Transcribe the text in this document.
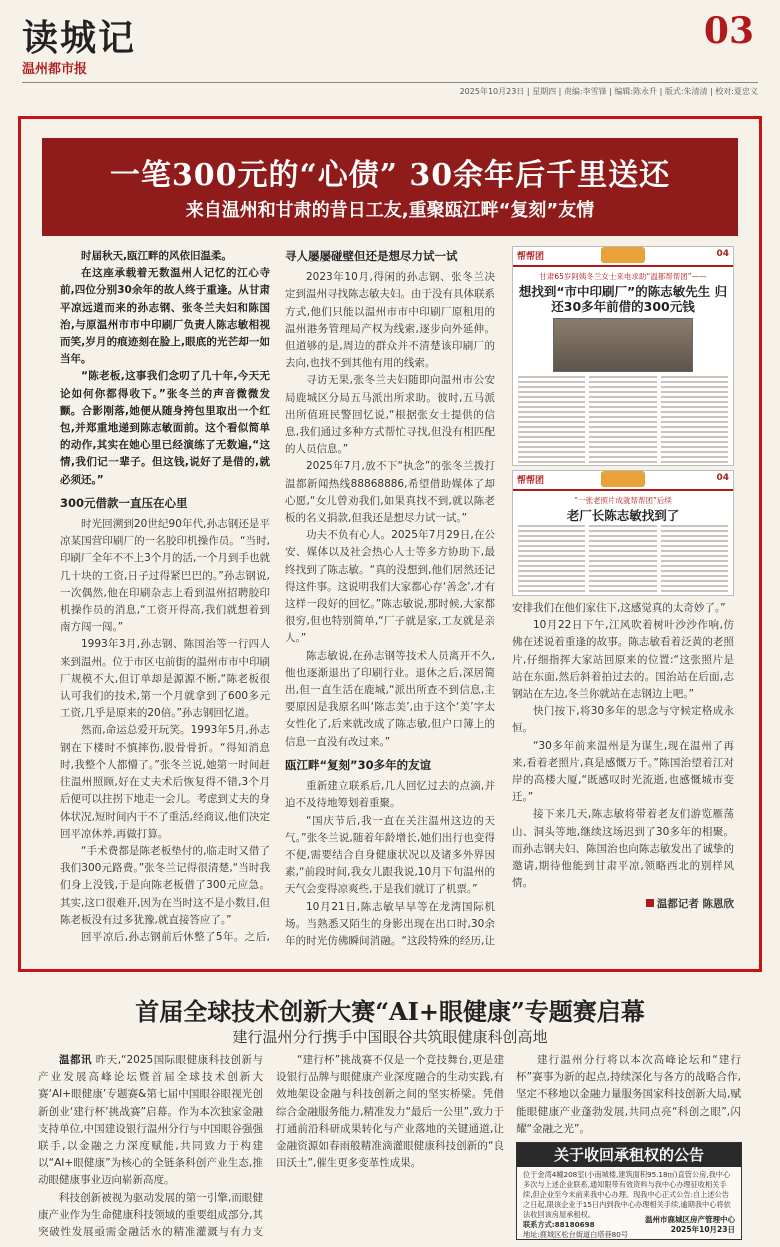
读城记
温州都市报
03
2025年10月23日 | 星期四 | 责编:李雪锋 | 编辑:陈永升 | 版式:朱清清 | 校对:夏忠义
一笔300元的“心债” 30余年后千里送还
来自温州和甘肃的昔日工友,重聚瓯江畔“复刻”友情

时届秋天,瓯江畔的风依旧温柔。

在这座承载着无数温州人记忆的江心寺前,四位分别30余年的故人终于重逢。从甘肃平凉远道而来的孙志钢、张冬兰夫妇和陈国治,与原温州市市中印刷厂负责人陈志敏相视而笑,岁月的痕迹刻在脸上,眼底的光芒却一如当年。

“陈老板,这事我们念叨了几十年,今天无论如何你都得收下。”张冬兰的声音微微发颤。合影刚落,她便从随身挎包里取出一个红包,并郑重地递到陈志敏面前。这个看似简单的动作,其实在她心里已经演练了无数遍,“这情,我们记一辈子。但这钱,说好了是借的,就必须还。”

300元借款一直压在心里

时光回溯到20世纪90年代,孙志钢还是平凉某国营印刷厂的一名胶印机操作员。“当时,印刷厂全年不不上3个月的活,一个月到手也就几十块的工资,日子过得紧巴巴的。”孙志钢说,一次偶然,他在印刷杂志上看到温州招聘胶印机操作员的消息,“工资开得高,我们就想着到南方闯一闯。”

1993年3月,孙志钢、陈国治等一行四人来到温州。位于市区屯前街的温州市市中印刷厂规模不大,但订单却是源源不断,“陈老板很认可我们的技术,第一个月就拿到了600多元工资,几乎是原来的20倍。”孙志钢回忆道。

然而,命运总爱开玩笑。1993年5月,孙志钢在下楼时不慎摔伤,股骨骨折。“得知消息时,我整个人都懵了。”张冬兰说,她第一时间赶往温州照顾,好在丈夫术后恢复得不错,3个月后便可以拄拐下地走一会儿。考虑到丈夫的身体状况,短时间内干不了重活,经商议,他们决定回平凉休养,再做打算。

“手术费都是陈老板垫付的,临走时又借了我们300元路费。”张冬兰记得很清楚,“当时我们身上没钱,于是向陈老板借了300元应急。其实,这口很难开,因为在当时这不是小数目,但陈老板没有过多犹豫,就直接答应了。”

回平凉后,孙志钢前后休整了5年。之后,

寻人屡屡碰壁但还是想尽力试一试

2023年10月,得闲的孙志钢、张冬兰决定到温州寻找陈志敏夫妇。由于没有具体联系方式,他们只能以温州市市中印刷厂原租用的温州港务管理局产权为线索,逐步向外延伸。但道够的是,周边的群众并不清楚该印刷厂的去向,也找不到其他有用的线索。

寻访无果,张冬兰夫妇随即向温州市公安局鹿城区分局五马派出所求助。彼时,五马派出所值班民警回忆说,“根据张女士提供的信息,我们通过多种方式帮忙寻找,但没有相匹配的人员信息。”

2025年7月,放不下“执念”的张冬兰拨打温都新闻热线88868886,希望借助媒体了却心愿,“女儿曾劝我们,如果真找不到,就以陈老板的名义捐款,但我还是想尽力试一试。”

功夫不负有心人。2025年7月29日,在公安、媒体以及社会热心人士等多方协助下,最终找到了陈志敏。“真的没想到,他们居然还记得这件事。这说明我们大家都心存‘善念’,才有这样一段好的回忆。”陈志敏说,那时候,大家都很穷,但也特别简单,“厂子就是家,工友就是亲人。”

陈志敏说,在孙志钢等技术人员离开不久,他也逐渐退出了印刷行业。退休之后,深居简出,但一直生活在鹿城,“派出所查不到信息,主要原因是我原名叫‘陈志美’,由于这个‘美’字太女性化了,后来就改成了陈志敏,但户口簿上的信息一直没有改过来。”

瓯江畔“复刻”30多年的友谊

重新建立联系后,几人回忆过去的点滴,并迫不及待地筹划着重聚。

“国庆节后,我一直在关注温州这边的天气。”张冬兰说,随着年龄增长,她们出行也变得不便,需要结合自身健康状况以及诸多外界因素,“前段时间,我女儿跟我说,10月下旬温州的天气会变得凉爽些,于是我们就订了机票。”

10月21日,陈志敏早早等在龙湾国际机场。当熟悉又陌生的身影出现在出口时,30余年的时光仿佛瞬间消融。“这段特殊的经历,让

帮帮团	04
甘肃65岁阿姨冬兰女士来电求助“温都帮帮团”——
想找到“市中印刷厂”的陈志敏先生 归还30多年前借的300元钱
帮帮团	04
“一张老照片成就帮帮团”后续
老厂长陈志敏找到了

安排我们在他们家住下,这感觉真的太奇妙了。”

10月22日下午,江风吹着树叶沙沙作响,仿佛在述说着重逢的故事。陈志敏看着泛黄的老照片,仔细指挥大家站回原来的位置:“这张照片是站在东面,然后斜着拍过去的。国治站在后面,志钢站在左边,冬兰你就站在志钢边上吧。”

快门按下,将30多年的思念与守候定格成永恒。

“30多年前来温州是为谋生,现在温州了再来,看着老照片,真是感慨万千。”陈国治望着江对岸的高楼大厦,“既感叹时光流逝,也感慨城市变迁。”

接下来几天,陈志敏将带着老友们游览雁荡山、洞头等地,继续这场迟到了30多年的相聚。而孙志钢夫妇、陈国治也向陈志敏发出了诚挚的邀请,期待他能到甘肃平凉,领略西北的别样风情。

温都记者 陈恩欣
首届全球技术创新大赛“AI+眼健康”专题赛启幕
建行温州分行携手中国眼谷共筑眼健康科创高地

温都讯 昨天,“2025国际眼健康科技创新与产业发展高峰论坛暨首届全球技术创新大赛‘AI+眼健康’专题赛&第七届中国眼谷眼视光创新创业‘建行杯’挑战赛”启幕。作为本次独家金融支持单位,中国建设银行温州分行与中国眼谷强强联手,以金融之力深度赋能,共同致力于构建以“AI+眼健康”为核心的全链条科创产业生态,推动眼健康事业迈向崭新高度。

科技创新被视为驱动发展的第一引擎,而眼健康产业作为生命健康科技领域的重要组成部分,其突破性发展亟需金融活水的精准灌溉与有力支

“建行杯”挑战赛不仅是一个竞技舞台,更是建设银行品牌与眼健康产业深度融合的生动实践,有效地架设金融与科技创新之间的坚实桥梁。凭借综合金融服务能力,精准发力“最后一公里”,致力于打通前沿科研成果转化与产业落地的关键通道,让金融资源如春雨般精准滴灌眼健康科技创新的“良田沃土”,催生更多变革性成果。

建行温州分行将以本次高峰论坛和“建行杯”赛事为新的起点,持续深化与各方的战略合作,坚定不移地以金融力量服务国家科技创新大局,赋能眼健康产业蓬勃发展,共同点亮“科创之眼”,闪耀“金融之光”。

关于收回承租权的公告
位于金湾4幢208室(小南城楼,建筑面积95.18㎡)直管公房,我中心多次与上述企业联系,通知限带有效资料与我中心办理征收相关手续,但企业至今未前来我中心办理。现我中心正式公告:自上述公告之日起,限该企业于15日内到我中心办理相关手续,逾期我中心将依法收回该房屋承租权。
联系方式:88180698
地址:鹿城区松台街道白塔巷80号
温州市鹿城区房产管理中心
2025年10月23日
